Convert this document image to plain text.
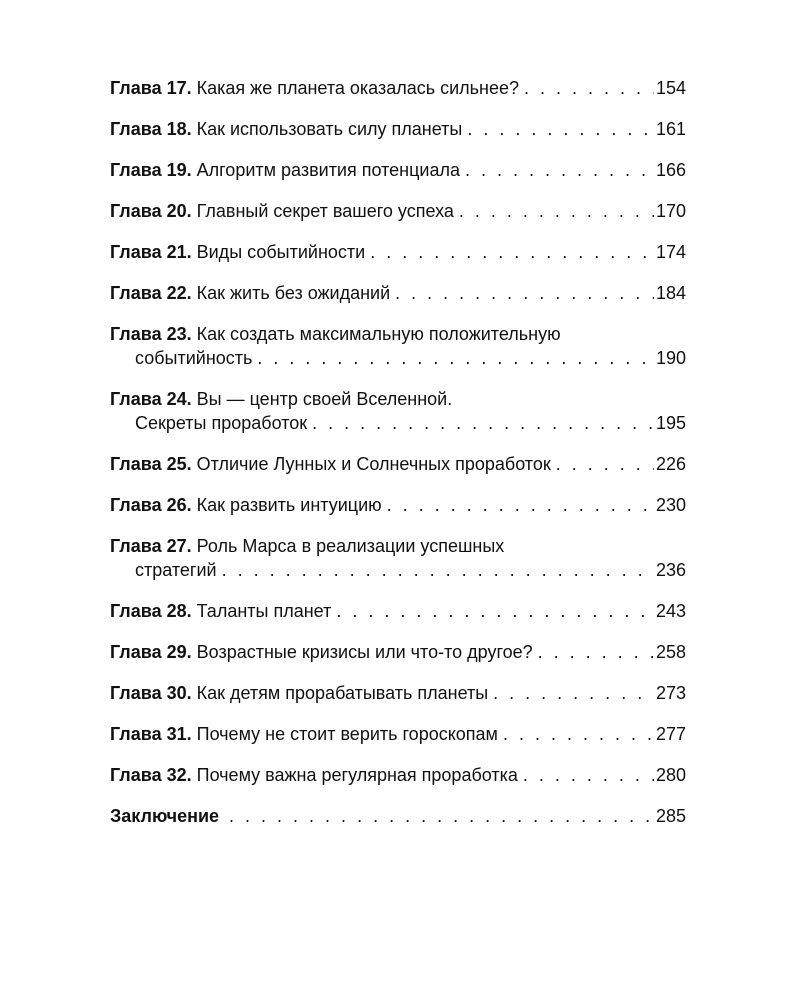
Глава 17. Какая же планета оказалась сильнее? . . .	154
Глава 18. Как использовать силу планеты . . .	161
Глава 19. Алгоритм развития потенциала . . .	166
Глава 20. Главный секрет вашего успеха . . .	170
Глава 21. Виды событийности . . .	174
Глава 22. Как жить без ожиданий . . .	184
Глава 23. Как создать максимальную положительную
событийность . . .	190
Глава 24. Вы — центр своей Вселенной.
Секреты проработок . . .	195
Глава 25. Отличие Лунных и Солнечных проработок . . .	226
Глава 26. Как развить интуицию . . .	230
Глава 27. Роль Марса в реализации успешных
стратегий . . .	236
Глава 28. Таланты планет . . .	243
Глава 29. Возрастные кризисы или что-то другое? . . .	258
Глава 30. Как детям прорабатывать планеты . . .	273
Глава 31. Почему не стоит верить гороскопам . . .	277
Глава 32. Почему важна регулярная проработка . . .	280
Заключение . . .	285
